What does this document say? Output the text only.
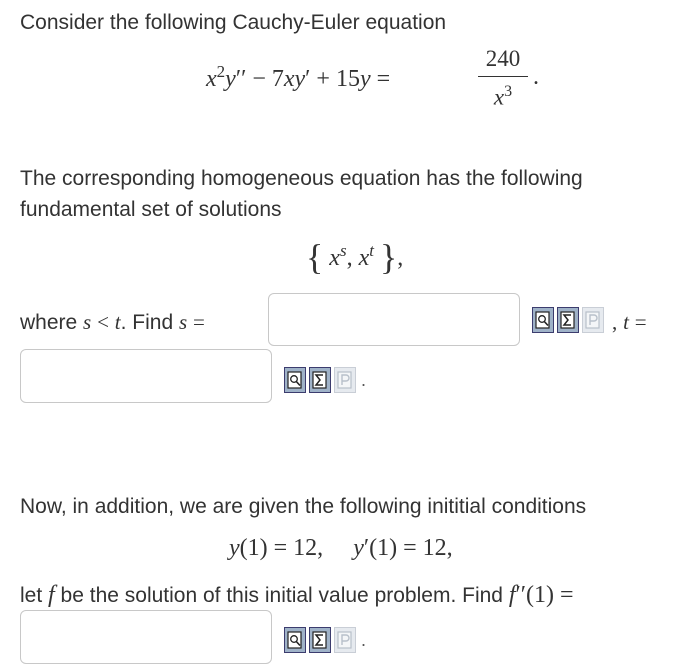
Consider the following Cauchy-Euler equation
$x^2y'' - 7xy' + 15y$ =
240
$x^3$
.
The corresponding homogeneous equation has the following
fundamental set of solutions
{ $x^s$, $x^t$ },
where s < t. Find s =	, t =
.
Now, in addition, we are given the following inititial conditions
y(1) = 12, y′(1) = 12,
let f be the solution of this initial value problem. Find f′′(1) =
.
